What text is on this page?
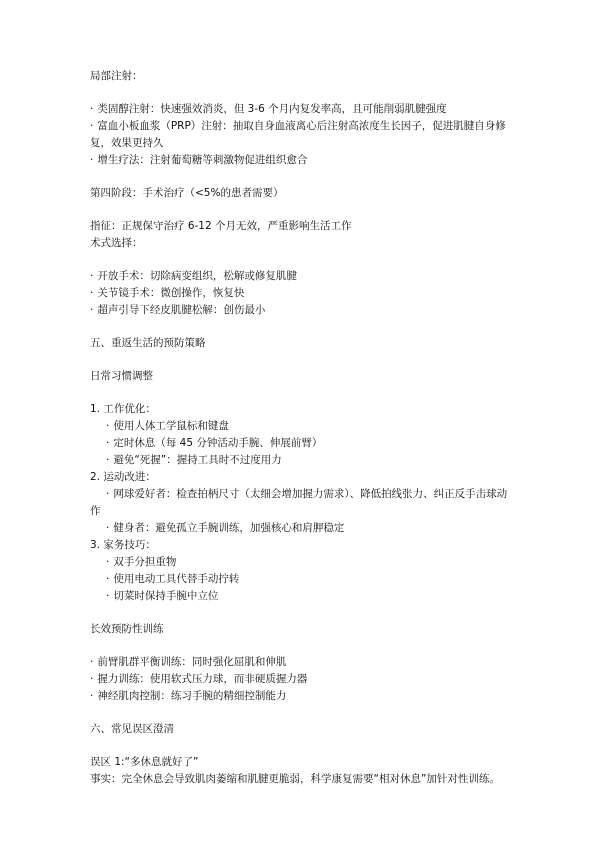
局部注射：

· 类固醇注射：快速强效消炎，但 3-6 个月内复发率高，且可能削弱肌腱强度

· 富血小板血浆（PRP）注射：抽取自身血液离心后注射高浓度生长因子，促进肌腱自身修复，效果更持久

· 增生疗法：注射葡萄糖等刺激物促进组织愈合

第四阶段：手术治疗（<5%的患者需要）

指征：正规保守治疗 6-12 个月无效，严重影响生活工作

术式选择：

· 开放手术：切除病变组织，松解或修复肌腱

· 关节镜手术：微创操作，恢复快

· 超声引导下经皮肌腱松解：创伤最小

五、重返生活的预防策略

日常习惯调整

1. 工作优化：

· 使用人体工学鼠标和键盘

· 定时休息（每 45 分钟活动手腕、伸展前臂）

· 避免“死握”：握持工具时不过度用力

2. 运动改进：

· 网球爱好者：检查拍柄尺寸（太细会增加握力需求）、降低拍线张力、纠正反手击球动作

· 健身者：避免孤立手腕训练，加强核心和肩胛稳定

3. 家务技巧：

· 双手分担重物

· 使用电动工具代替手动拧转

· 切菜时保持手腕中立位

长效预防性训练

· 前臂肌群平衡训练：同时强化屈肌和伸肌

· 握力训练：使用软式压力球，而非硬质握力器

· 神经肌肉控制：练习手腕的精细控制能力

六、常见误区澄清

误区 1:“多休息就好了”

事实：完全休息会导致肌肉萎缩和肌腱更脆弱，科学康复需要“相对休息”加针对性训练。
